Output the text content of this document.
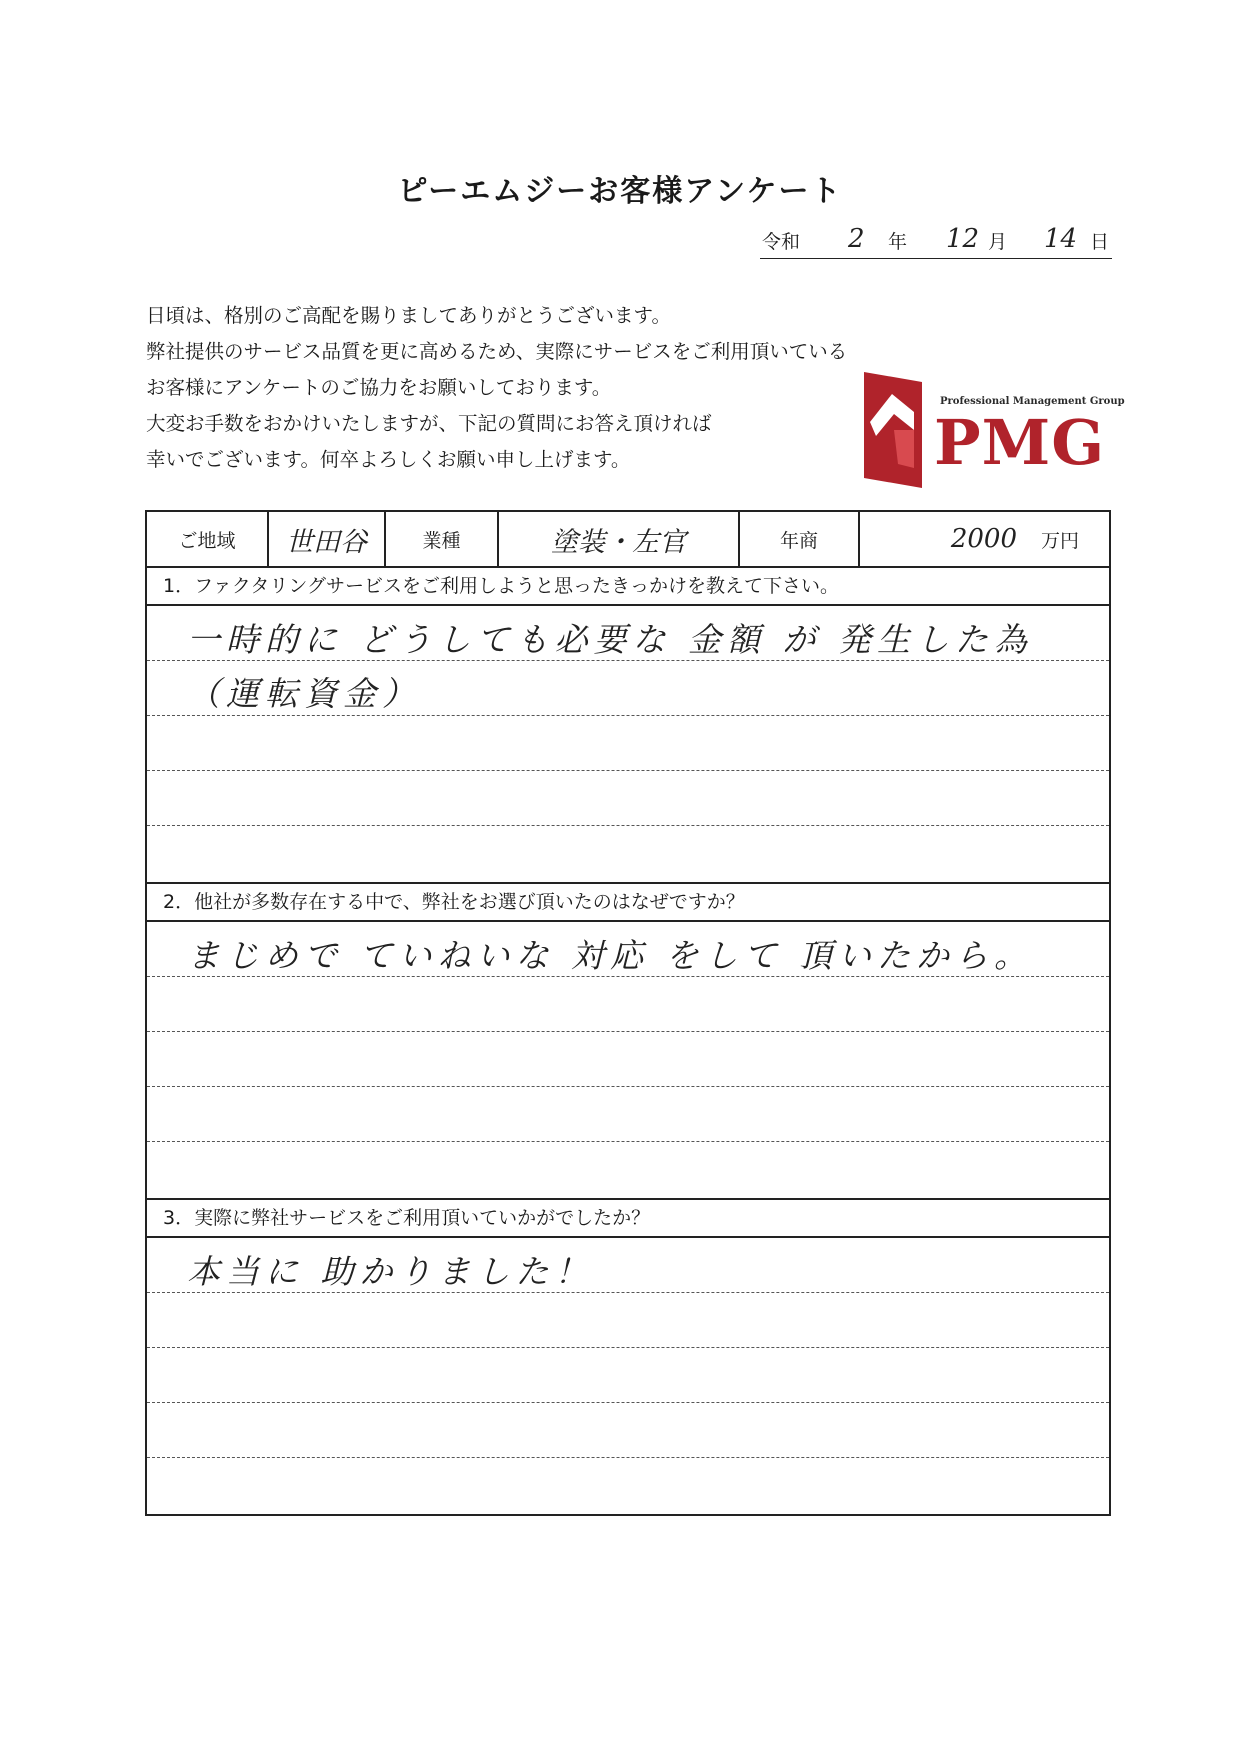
ピーエムジーお客様アンケート
令和 2 年 12 月 14 日
日頃は、格別のご高配を賜りましてありがとうございます。
弊社提供のサービス品質を更に高めるため、実際にサービスをご利用頂いている
お客様にアンケートのご協力をお願いしております。
大変お手数をおかけいたしますが、下記の質問にお答え頂ければ
幸いでございます。何卒よろしくお願い申し上げます。
Professional Management Group
PMG
ご地域	世田谷	業種	塗装・左官	年商	2000 万円
1．ファクタリングサービスをご利用しようと思ったきっかけを教えて下さい。
一時的に どうしても必要な 金額 が 発生した為
（運転資金）
2．他社が多数存在する中で、弊社をお選び頂いたのはなぜですか？
まじめで ていねいな 対応 をして 頂いたから。
3．実際に弊社サービスをご利用頂いていかがでしたか？
本当に 助かりました！
